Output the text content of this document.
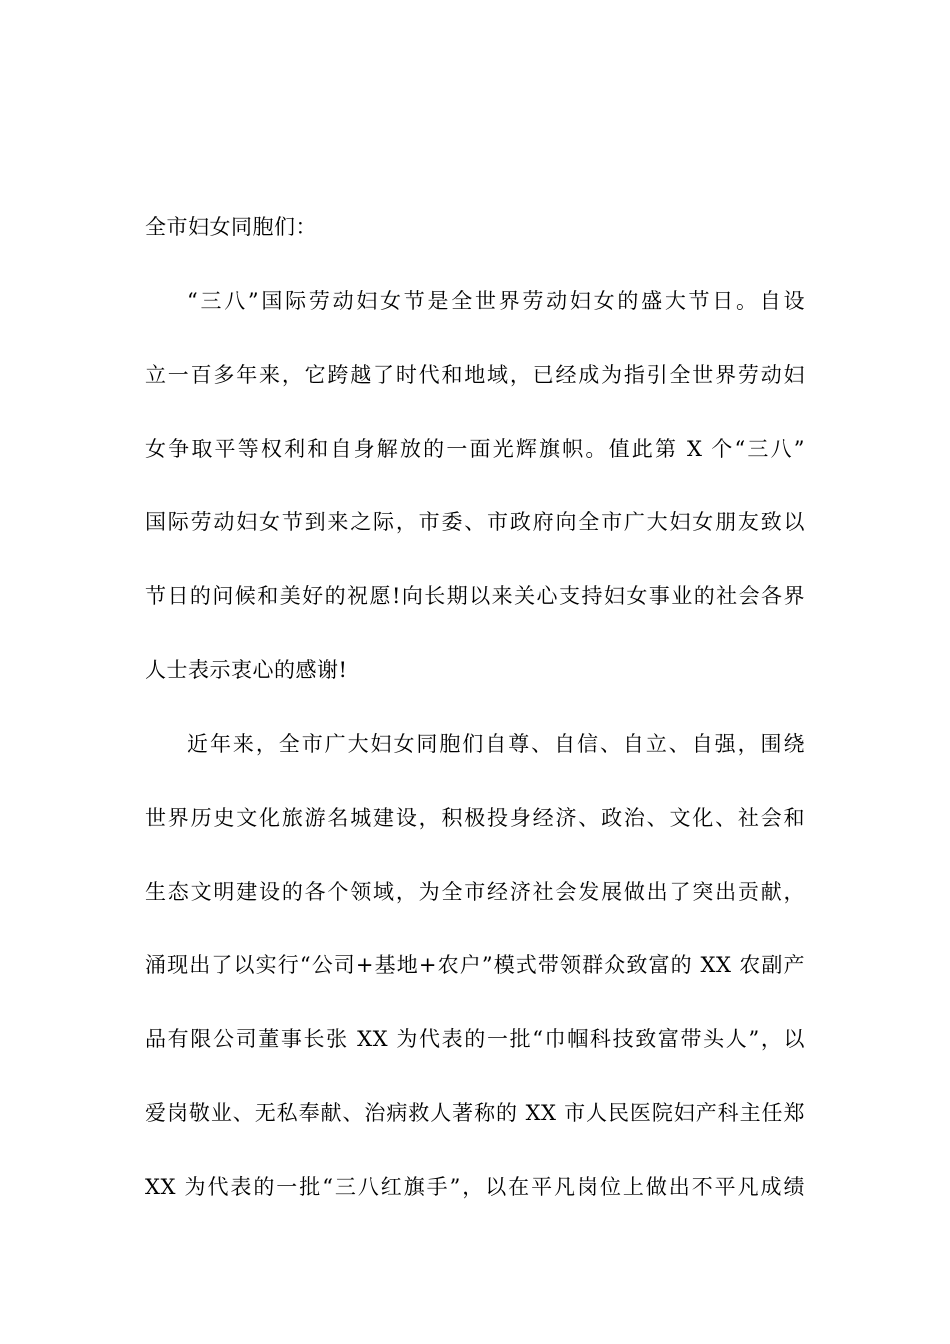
全市妇女同胞们：
“三八”国际劳动妇女节是全世界劳动妇女的盛大节日。自设
立一百多年来，它跨越了时代和地域，已经成为指引全世界劳动妇
女争取平等权利和自身解放的一面光辉旗帜。值此第 X 个“三八”
国际劳动妇女节到来之际，市委、市政府向全市广大妇女朋友致以
节日的问候和美好的祝愿!向长期以来关心支持妇女事业的社会各界
人士表示衷心的感谢!
近年来，全市广大妇女同胞们自尊、自信、自立、自强，围绕
世界历史文化旅游名城建设，积极投身经济、政治、文化、社会和
生态文明建设的各个领域，为全市经济社会发展做出了突出贡献，
涌现出了以实行“公司+基地+农户”模式带领群众致富的 XX 农副产
品有限公司董事长张 XX 为代表的一批“巾帼科技致富带头人”，以
爱岗敬业、无私奉献、治病救人著称的 XX 市人民医院妇产科主任郑
XX 为代表的一批“三八红旗手”，以在平凡岗位上做出不平凡成绩
